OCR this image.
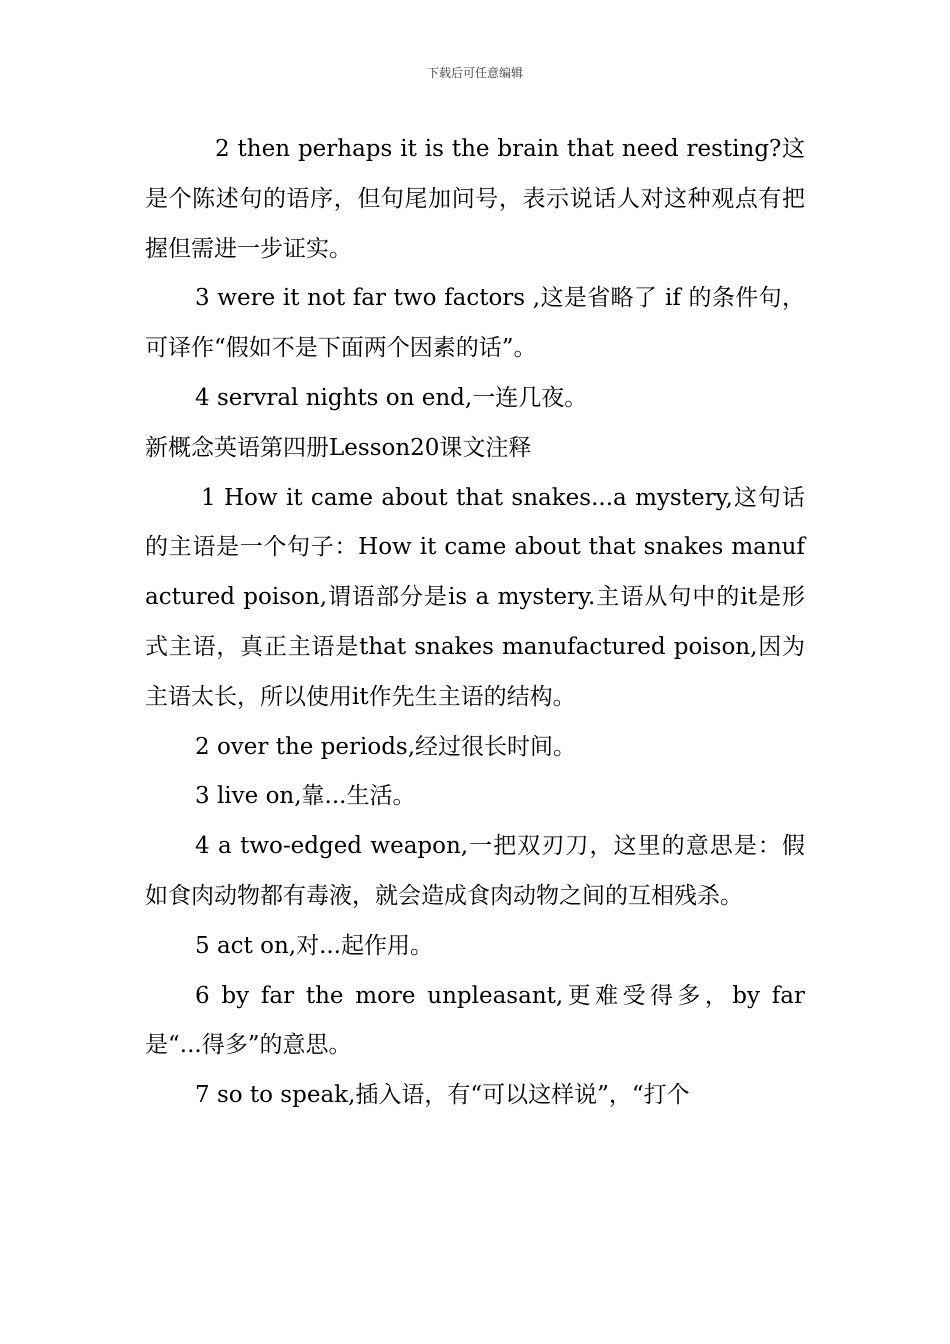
下载后可任意编辑

2 then perhaps it is the brain that need resting?这是个陈述句的语序，但句尾加问号，表示说话人对这种观点有把握但需进一步证实。

3 were it not far two factors ,这是省略了 if 的条件句，可译作“假如不是下面两个因素的话”。

4 servral nights on end,一连几夜。

新概念英语第四册Lesson20课文注释

1 How it came about that snakes...a mystery,这句话的主语是一个句子：How it came about that snakes manufactured poison,谓语部分是is a mystery.主语从句中的it是形式主语，真正主语是that snakes manufactured poison,因为主语太长，所以使用it作先生主语的结构。

2 over the periods,经过很长时间。

3 live on,靠...生活。

4 a two-edged weapon,一把双刃刀，这里的意思是：假如食肉动物都有毒液，就会造成食肉动物之间的互相残杀。

5 act on,对...起作用。

6 by far the more unpleasant,更难受得多，by far 是“...得多”的意思。

7 so to speak,插入语，有“可以这样说”，“打个
